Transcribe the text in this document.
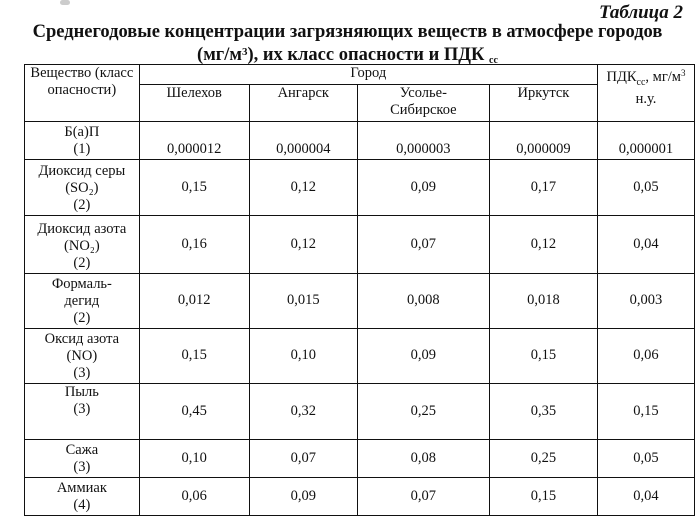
Таблица 2
Среднегодовые концентрации загрязняющих веществ в атмосфере городов
$(мг/м^3)$, их класс опасности и ПДК $_{сс}$
Вещество (класс опасности)	Город				$ПДК_{сс}$, $мг/м^3$ н.у.
	Шелехов	Ангарск	Усолье-Сибирское	Иркутск	

Б(а)П
(1)	0,000012	0,000004	0,000003	0,000009	0,000001

Диоксид серы
(SO₂)
(2)	0,15	0,12	0,09	0,17	0,05

Диоксид азота
(NO₂)
(2)	0,16	0,12	0,07	0,12	0,04

Формаль-
дегид
(2)	0,012	0,015	0,008	0,018	0,003

Оксид азота
(NO)
(3)	0,15	0,10	0,09	0,15	0,06

Пыль
(3)	0,45	0,32	0,25	0,35	0,15

Сажа
(3)	0,10	0,07	0,08	0,25	0,05

Аммиак
(4)	0,06	0,09	0,07	0,15	0,04
